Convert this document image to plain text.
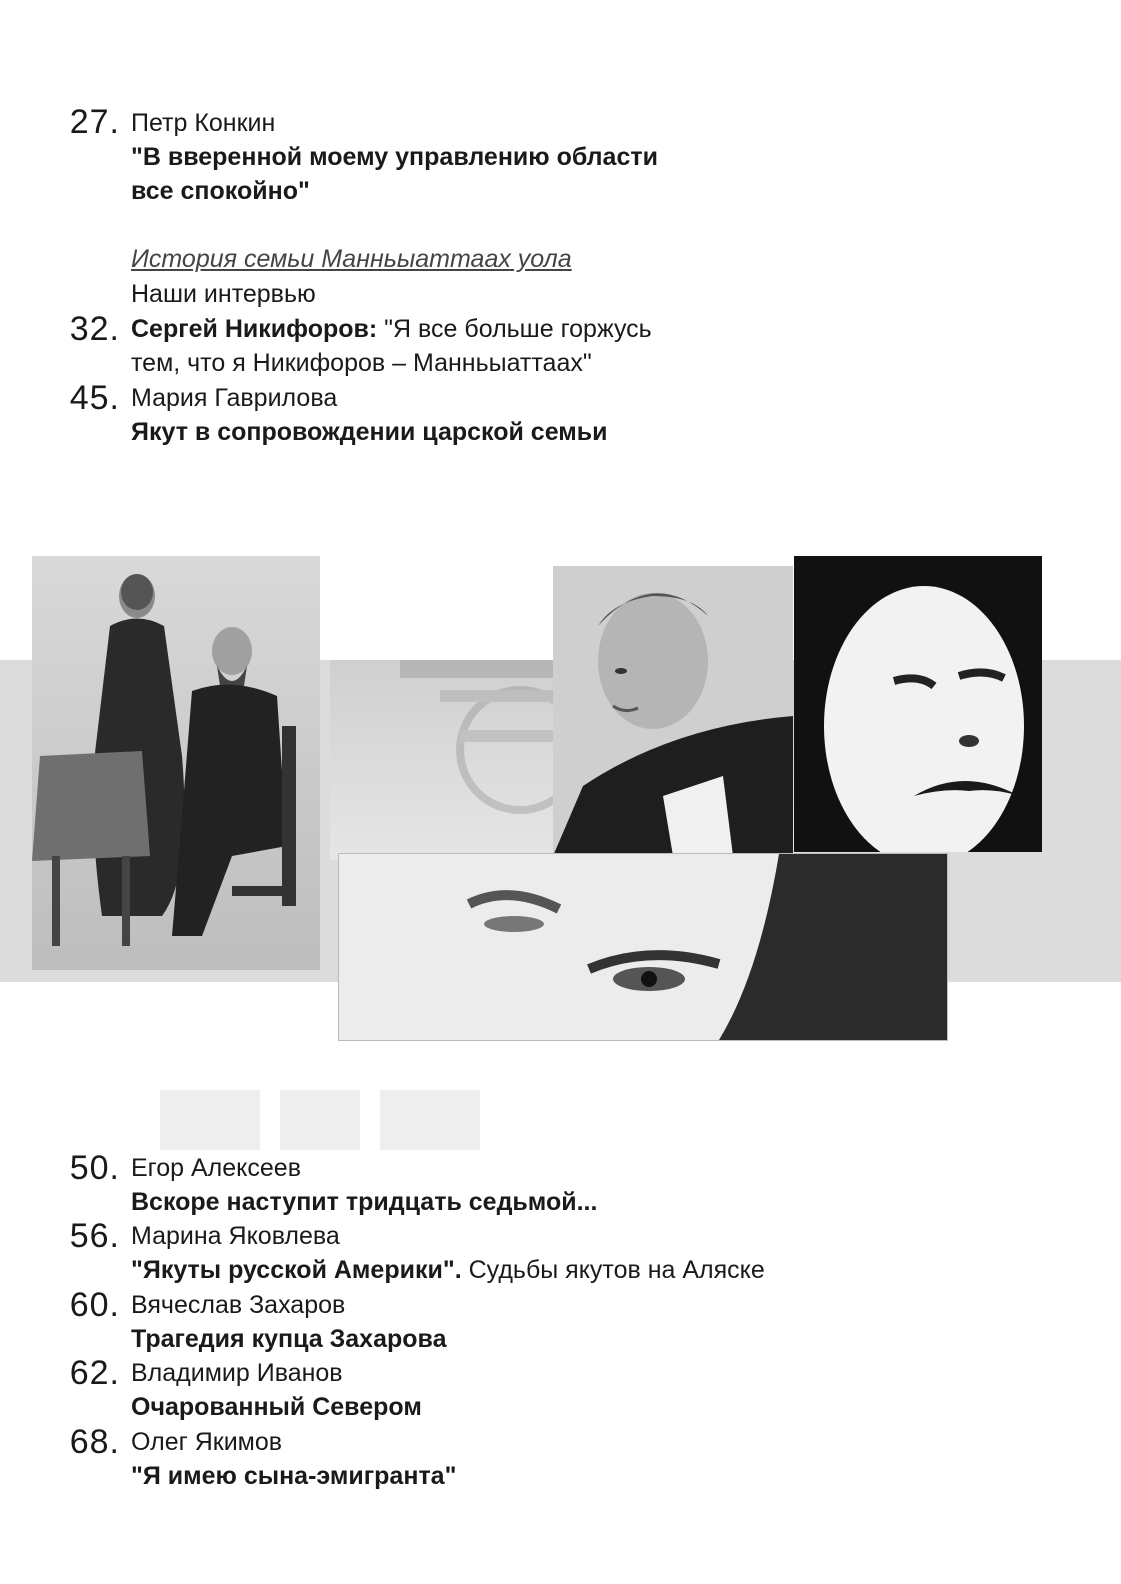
27. Петр Конкин
"В вверенной моему управлению области
все спокойно"
История семьи Манньыаттаах уола
Наши интервью
32. Сергей Никифоров: "Я все больше горжусь
тем, что я Никифоров – Манньыаттаах"
45. Мария Гаврилова
Якут в сопровождении царской семьи
50. Егор Алексеев
Вскоре наступит тридцать седьмой...
56. Марина Яковлева
"Якуты русской Америки". Судьбы якутов на Аляске
60. Вячеслав Захаров
Трагедия купца Захарова
62. Владимир Иванов
Очарованный Севером
68. Олег Якимов
"Я имею сына-эмигранта"
